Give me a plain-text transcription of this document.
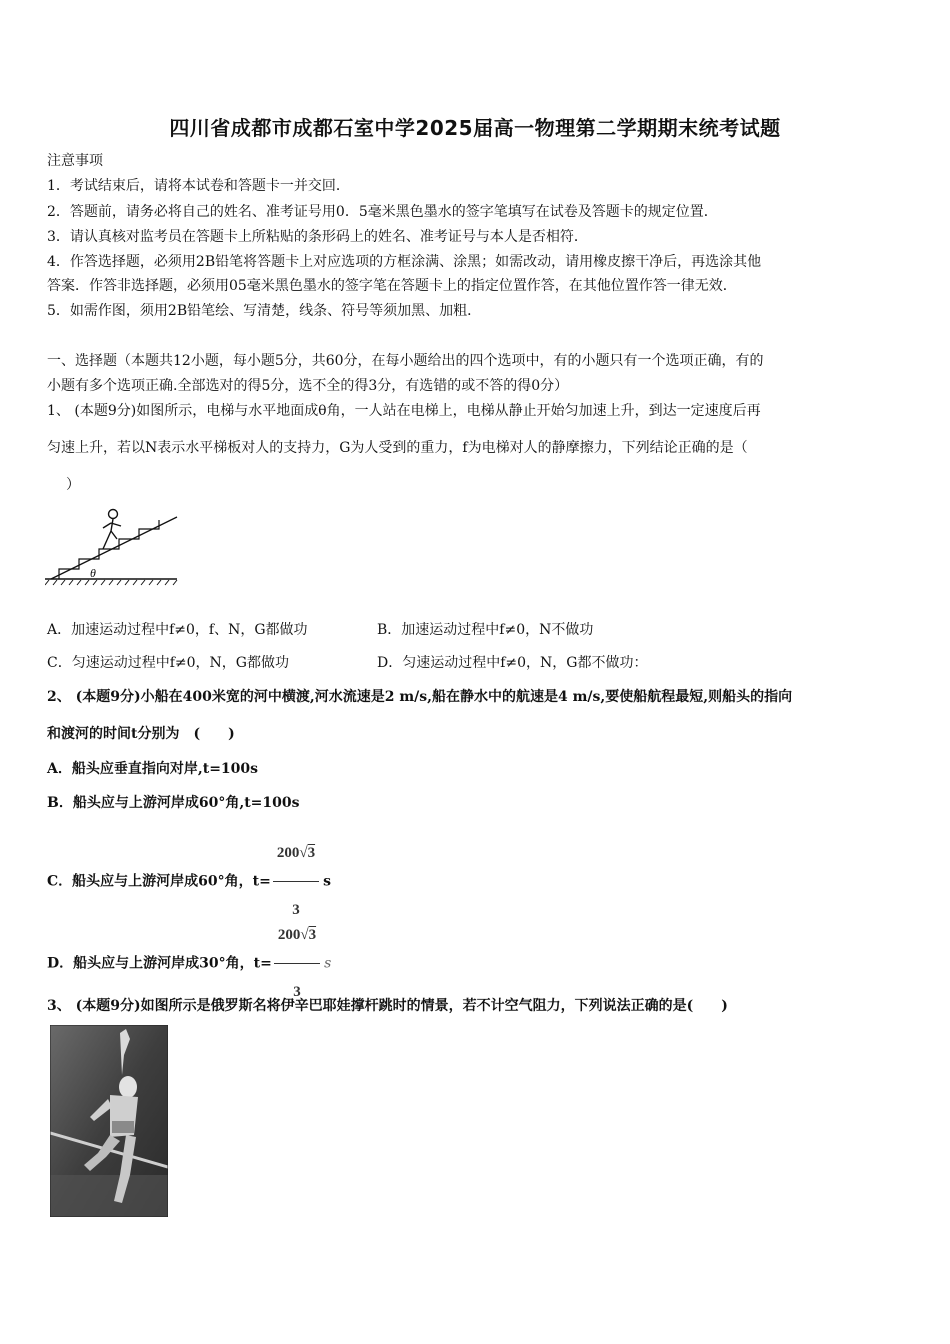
四川省成都市成都石室中学2025届高一物理第二学期期末统考试题
注意事项
1．考试结束后，请将本试卷和答题卡一并交回．
2．答题前，请务必将自己的姓名、准考证号用0．5毫米黑色墨水的签字笔填写在试卷及答题卡的规定位置．
3．请认真核对监考员在答题卡上所粘贴的条形码上的姓名、准考证号与本人是否相符．
4．作答选择题，必须用2B铅笔将答题卡上对应选项的方框涂满、涂黑；如需改动，请用橡皮擦干净后，再选涂其他
答案．作答非选择题，必须用05毫米黑色墨水的签字笔在答题卡上的指定位置作答，在其他位置作答一律无效．
5．如需作图，须用2B铅笔绘、写清楚，线条、符号等须加黑、加粗．
一、选择题（本题共12小题，每小题5分，共60分，在每小题给出的四个选项中，有的小题只有一个选项正确，有的
小题有多个选项正确.全部选对的得5分，选不全的得3分，有选错的或不答的得0分）
1、 (本题9分)如图所示，电梯与水平地面成θ角，一人站在电梯上，电梯从静止开始匀加速上升，到达一定速度后再
匀速上升，若以N表示水平梯板对人的支持力，G为人受到的重力，f为电梯对人的静摩擦力，下列结论正确的是（
）
θ
A．加速运动过程中f≠0，f、N，G都做功	B．加速运动过程中f≠0，N不做功
C．匀速运动过程中f≠0，N，G都做功	D．匀速运动过程中f≠0，N，G都不做功：
2、 (本题9分)小船在400米宽的河中横渡,河水流速是2 m/s,船在静水中的航速是4 m/s,要使船航程最短,则船头的指向
和渡河的时间t分别为　(　　)
A．船头应垂直指向对岸,t=100s
B．船头应与上游河岸成60°角,t=100s
C．船头应与上游河岸成60°角，$t= \frac{200√3}{3}$ s
D．船头应与上游河岸成30°角，$t= \frac{200√3}{3}$ s
3、 (本题9分)如图所示是俄罗斯名将伊辛巴耶娃撑杆跳时的情景，若不计空气阻力，下列说法正确的是(　　)
